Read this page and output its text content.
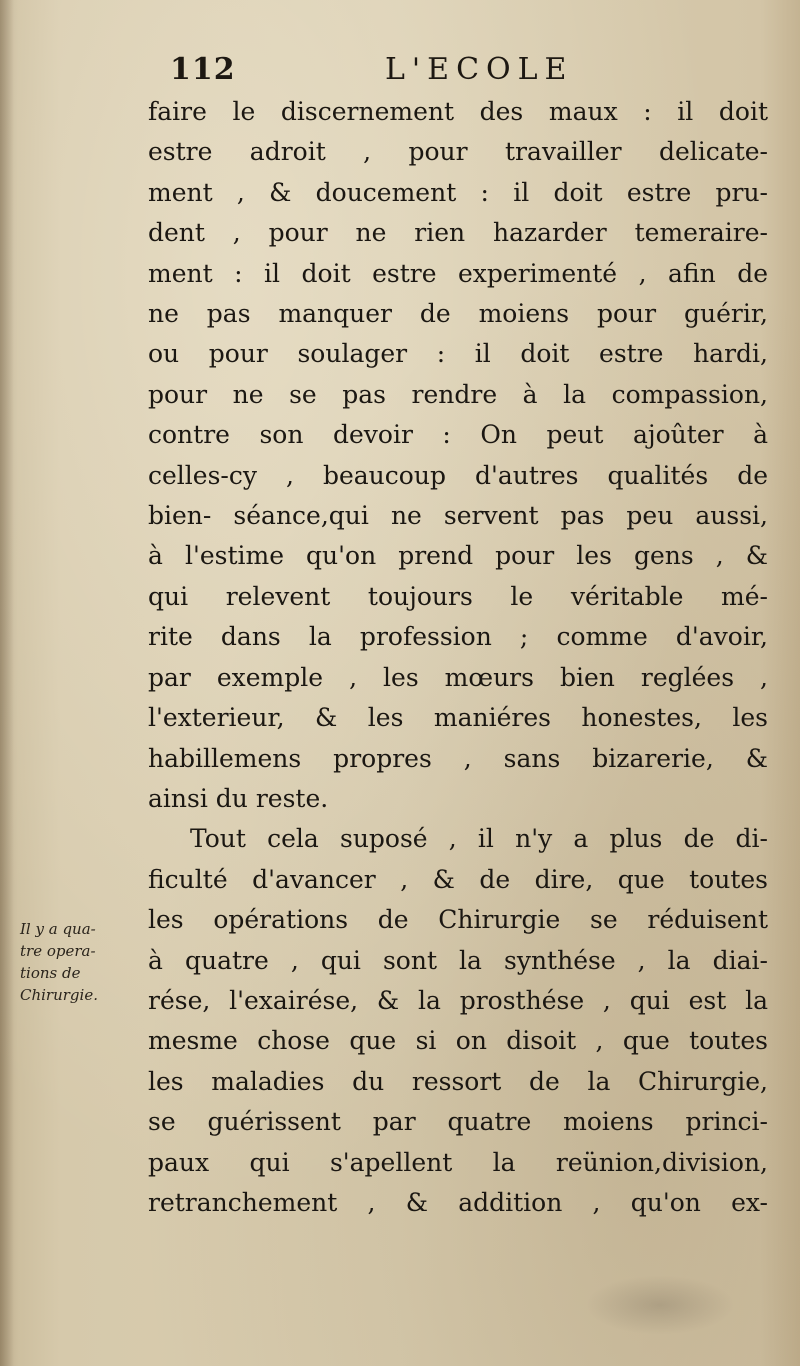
112	L'ECOLE
faire le discernement des maux : il doit
estre adroit , pour travailler delicate-
ment , & doucement : il doit estre pru-
dent , pour ne rien hazarder temeraire-
ment : il doit estre experimenté , afin de
ne pas manquer de moiens pour guérir,
ou pour soulager : il doit estre hardi,
pour ne se pas rendre à la compassion,
contre son devoir : On peut ajoûter à
celles-cy , beaucoup d'autres qualités de
bien- séance,qui ne servent pas peu aussi,
à l'estime qu'on prend pour les gens , &
qui relevent toujours le véritable mé-
rite dans la profession ; comme d'avoir,
par exemple , les mœurs bien reglées ,
l'exterieur, & les maniéres honestes, les
habillemens propres , sans bizarerie, &
ainsi du reste.
Tout cela suposé , il n'y a plus de di-
ficulté d'avancer , & de dire, que toutes
les opérations de Chirurgie se réduisent
à quatre , qui sont la synthése , la diai-
rése, l'exairése, & la prosthése , qui est la
mesme chose que si on disoit , que toutes
les maladies du ressort de la Chirurgie,
se guérissent par quatre moiens princi-
paux qui s'apellent la reünion,division,
retranchement , & addition , qu'on ex-
Il y a qua-
tre opera-
tions de
Chirurgie.
